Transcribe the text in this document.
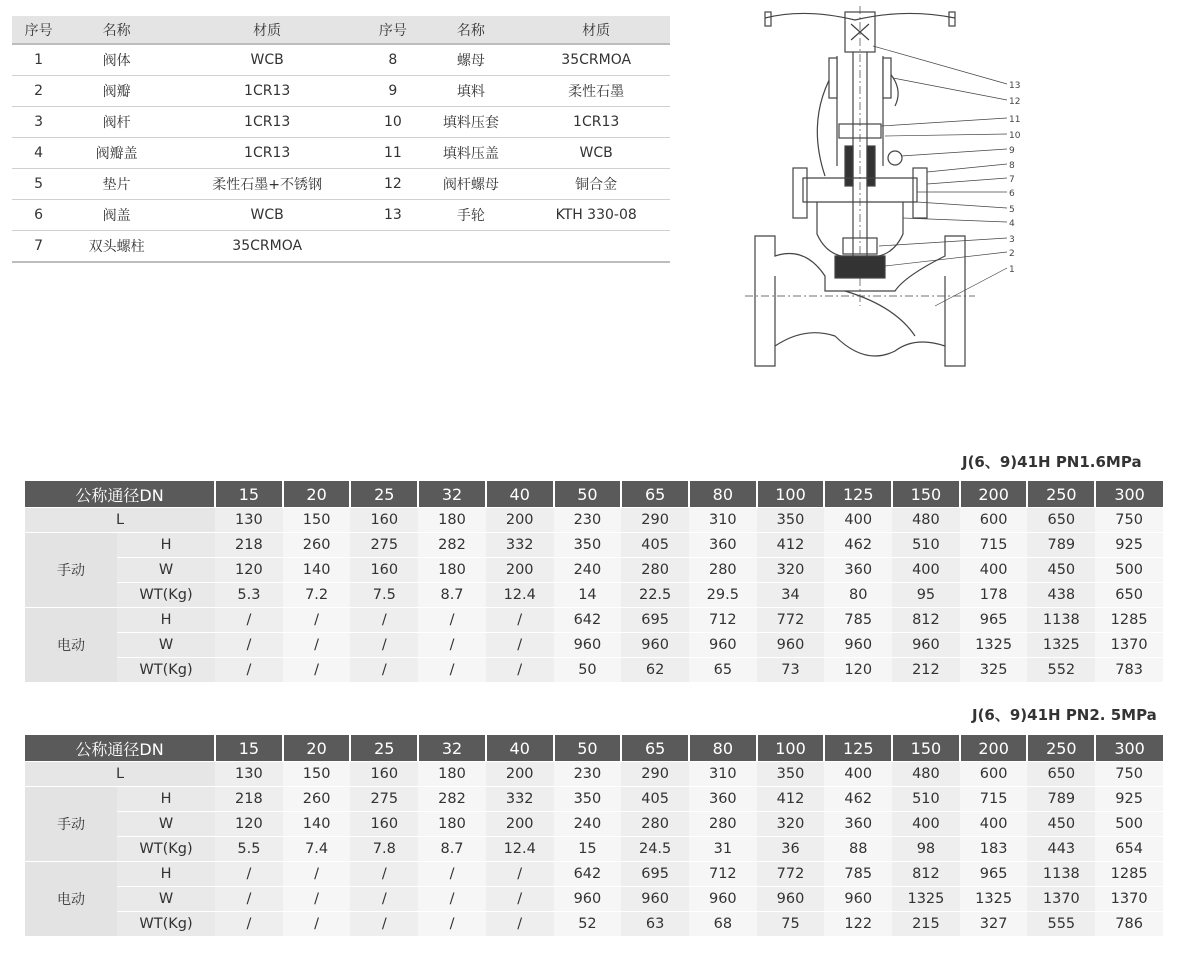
序号	名称	材质	序号	名称	材质
1	阀体	WCB	8	螺母	35CRMOA
2	阀瓣	1CR13	9	填料	柔性石墨
3	阀杆	1CR13	10	填料压套	1CR13
4	阀瓣盖	1CR13	11	填料压盖	WCB
5	垫片	柔性石墨+不锈钢	12	阀杆螺母	铜合金
6	阀盖	WCB	13	手轮	KTH 330-08
7	双头螺柱	35CRMOA			
13
12
11
10
9
8
7
6
5
4
3
2
1
J(6、9)41H PN1.6MPa
公称通径DN		15	20	25	32	40	50	65	80	100	125	150	200	250	300
L		130	150	160	180	200	230	290	310	350	400	480	600	650	750
手动	H	218	260	275	282	332	350	405	360	412	462	510	715	789	925
	W	120	140	160	180	200	240	280	280	320	360	400	400	450	500
	WT(Kg)	5.3	7.2	7.5	8.7	12.4	14	22.5	29.5	34	80	95	178	438	650
电动	H	/	/	/	/	/	642	695	712	772	785	812	965	1138	1285
	W	/	/	/	/	/	960	960	960	960	960	960	1325	1325	1370
	WT(Kg)	/	/	/	/	/	50	62	65	73	120	212	325	552	783
J(6、9)41H PN2. 5MPa
公称通径DN		15	20	25	32	40	50	65	80	100	125	150	200	250	300
L		130	150	160	180	200	230	290	310	350	400	480	600	650	750
手动	H	218	260	275	282	332	350	405	360	412	462	510	715	789	925
	W	120	140	160	180	200	240	280	280	320	360	400	400	450	500
	WT(Kg)	5.5	7.4	7.8	8.7	12.4	15	24.5	31	36	88	98	183	443	654
电动	H	/	/	/	/	/	642	695	712	772	785	812	965	1138	1285
	W	/	/	/	/	/	960	960	960	960	960	1325	1325	1370	1370
	WT(Kg)	/	/	/	/	/	52	63	68	75	122	215	327	555	786
